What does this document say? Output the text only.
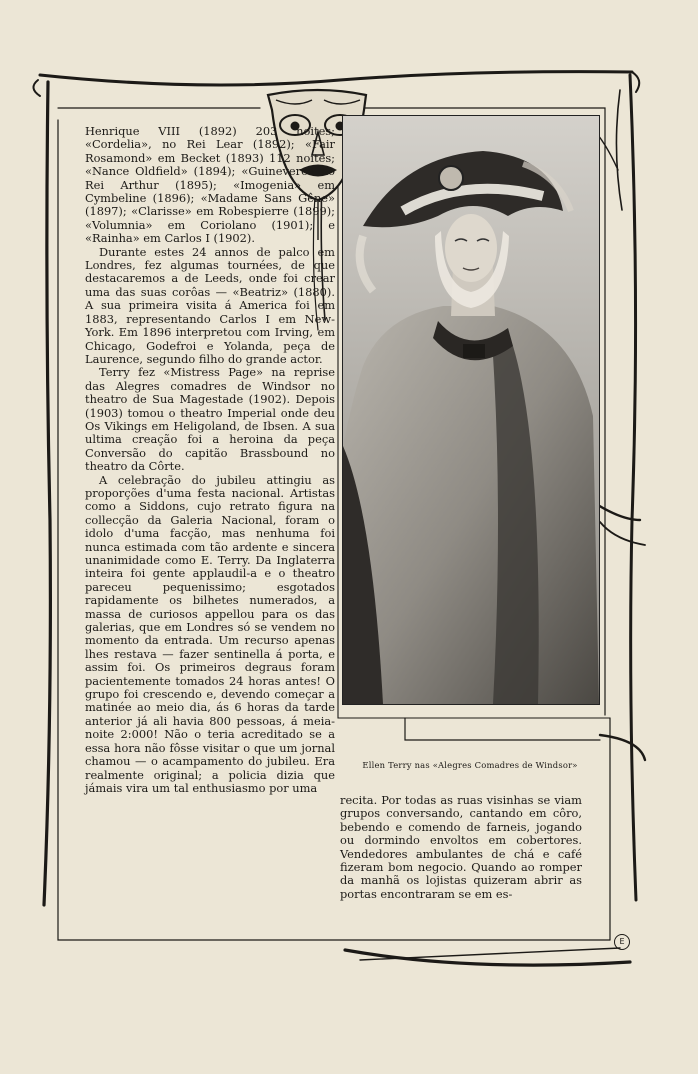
Henrique VIII (1892) 203 noites; «Cordelia», no Rei Lear (1892); «Fair Rosamond» em Becket (1893) 112 noites; «Nance Oldfield» (1894); «Guinevere» no Rei Arthur (1895); «Imogenia» em Cymbeline (1896); «Madame Sans Gêne» (1897); «Clarisse» em Robespierre (1899); «Volumnia» em Coriolano (1901); e «Rainha» em Carlos I (1902).

Durante estes 24 annos de palco em Londres, fez algumas tournées, de que destacaremos a de Leeds, onde foi crear uma das suas corôas — «Beatriz» (1880). A sua primeira visita á America foi em 1883, representando Carlos I em New-York. Em 1896 interpretou com Irving, em Chicago, Godefroi e Yolanda, peça de Laurence, segundo filho do grande actor.

Terry fez «Mistress Page» na reprise das Alegres comadres de Windsor no theatro de Sua Magestade (1902). Depois (1903) tomou o theatro Imperial onde deu Os Vikings em Heligoland, de Ibsen. A sua ultima creação foi a heroina da peça Conversão do capitão Brassbound no theatro da Côrte.

A celebração do jubileu attingiu as proporções d'uma festa nacional. Artistas como a Siddons, cujo retrato figura na collecção da Galeria Nacional, foram o idolo d'uma facção, mas nenhuma foi nunca estimada com tão ardente e sincera unanimidade como E. Terry. Da Inglaterra inteira foi gente applaudil-a e o theatro pareceu pequenissimo; esgotados rapidamente os bilhetes numerados, a massa de curiosos appellou para os das galerias, que em Londres só se vendem no momento da entrada. Um recurso apenas lhes restava — fazer sentinella á porta, e assim foi. Os primeiros degraus foram pacientemente tomados 24 horas antes! O grupo foi crescendo e, devendo começar a matinée ao meio dia, ás 6 horas da tarde anterior já ali havia 800 pessoas, á meia-noite 2:000! Não o teria acreditado se a essa hora não fôsse visitar o que um jornal chamou — o acampamento do jubileu. Era realmente original; a policia dizia que jámais vira um tal enthusiasmo por uma

Ellen Terry nas «Alegres Comadres de Windsor»

recita. Por todas as ruas visinhas se viam grupos conversando, cantando em côro, bebendo e comendo de farneis, jogando ou dormindo envoltos em cobertores. Vendedores ambulantes de chá e café fizeram bom negocio. Quando ao romper da manhã os lojistas quizeram abrir as portas encontraram se em es-

E
